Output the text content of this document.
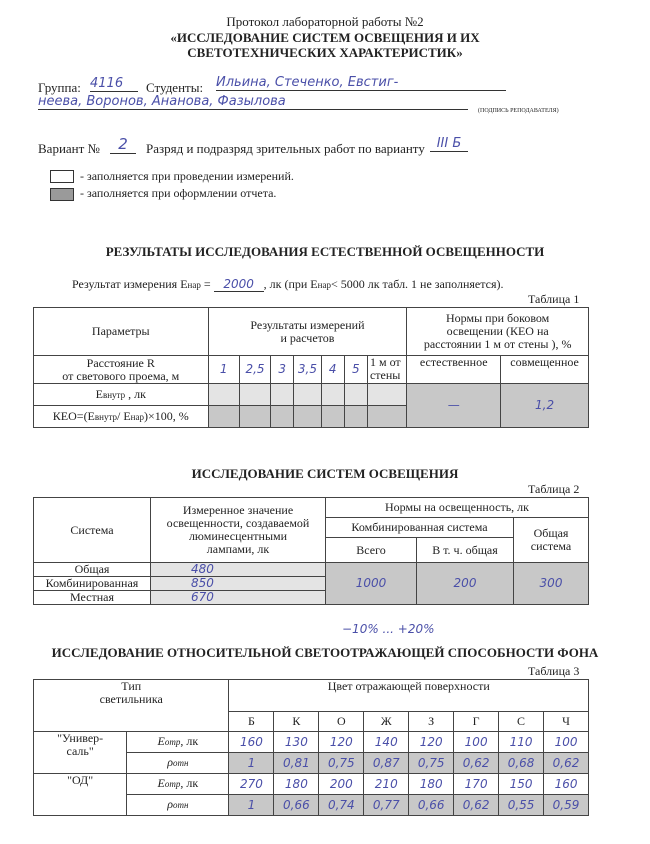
Протокол лабораторной работы №2
«ИССЛЕДОВАНИЕ СИСТЕМ ОСВЕЩЕНИЯ И ИХ
СВЕТОТЕХНИЧЕСКИХ ХАРАКТЕРИСТИК»
Группа: 4116	Студенты: Ильина, Стеченко, Евстиг-
неева, Воронов, Ананова, Фазылова
(ПОДПИСЬ РЕПОДАВАТЕЛЯ)
Вариант №	2	Разряд и подразряд зрительных работ по варианту III Б
- заполняется при проведении измерений.
- заполняется при оформлении отчета.
РЕЗУЛЬТАТЫ ИССЛЕДОВАНИЯ ЕСТЕСТВЕННОЙ ОСВЕЩЕННОСТИ
Результат измерения Eнар = 2000 , лк (при Eнар< 5000 лк табл. 1 не заполняется).
Таблица 1
Параметры	Результаты измерений
и расчетов							Нормы при боковом
освещении (КЕО на
расстоянии 1 м от стены ), %	
Расстояние R
от светового проема, м	1	2,5	3	3,5	4	5	1 м от
стены	естественное	совмещенное
Eвнутр , лк								—	1,2
КЕО=(Eвнутр/ Eнар)×100, %									
ИССЛЕДОВАНИЕ СИСТЕМ ОСВЕЩЕНИЯ
Таблица 2
Система	Измеренное значение
освещенности, создаваемой
люминесцентными
лампами, лк	Нормы на освещенность, лк		
		Комбинированная система		Общая
система
		Всего	В т. ч. общая	
Общая	480	1000	200	300
Комбинированная	850			
Местная	670			
−10% ... +20%
ИССЛЕДОВАНИЕ ОТНОСИТЕЛЬНОЙ СВЕТООТРАЖАЮЩЕЙ СПОСОБНОСТИ ФОНА
Таблица 3
Тип
светильника		Цвет отражающей поверхности							
		Б	К	О	Ж	З	Г	С	Ч
"Универ-
саль"	Eотр, лк	160	130	120	140	120	100	110	100
	ρотн	1	0,81	0,75	0,87	0,75	0,62	0,68	0,62
"ОД"	Eотр, лк	270	180	200	210	180	170	150	160
	ρотн	1	0,66	0,74	0,77	0,66	0,62	0,55	0,59
